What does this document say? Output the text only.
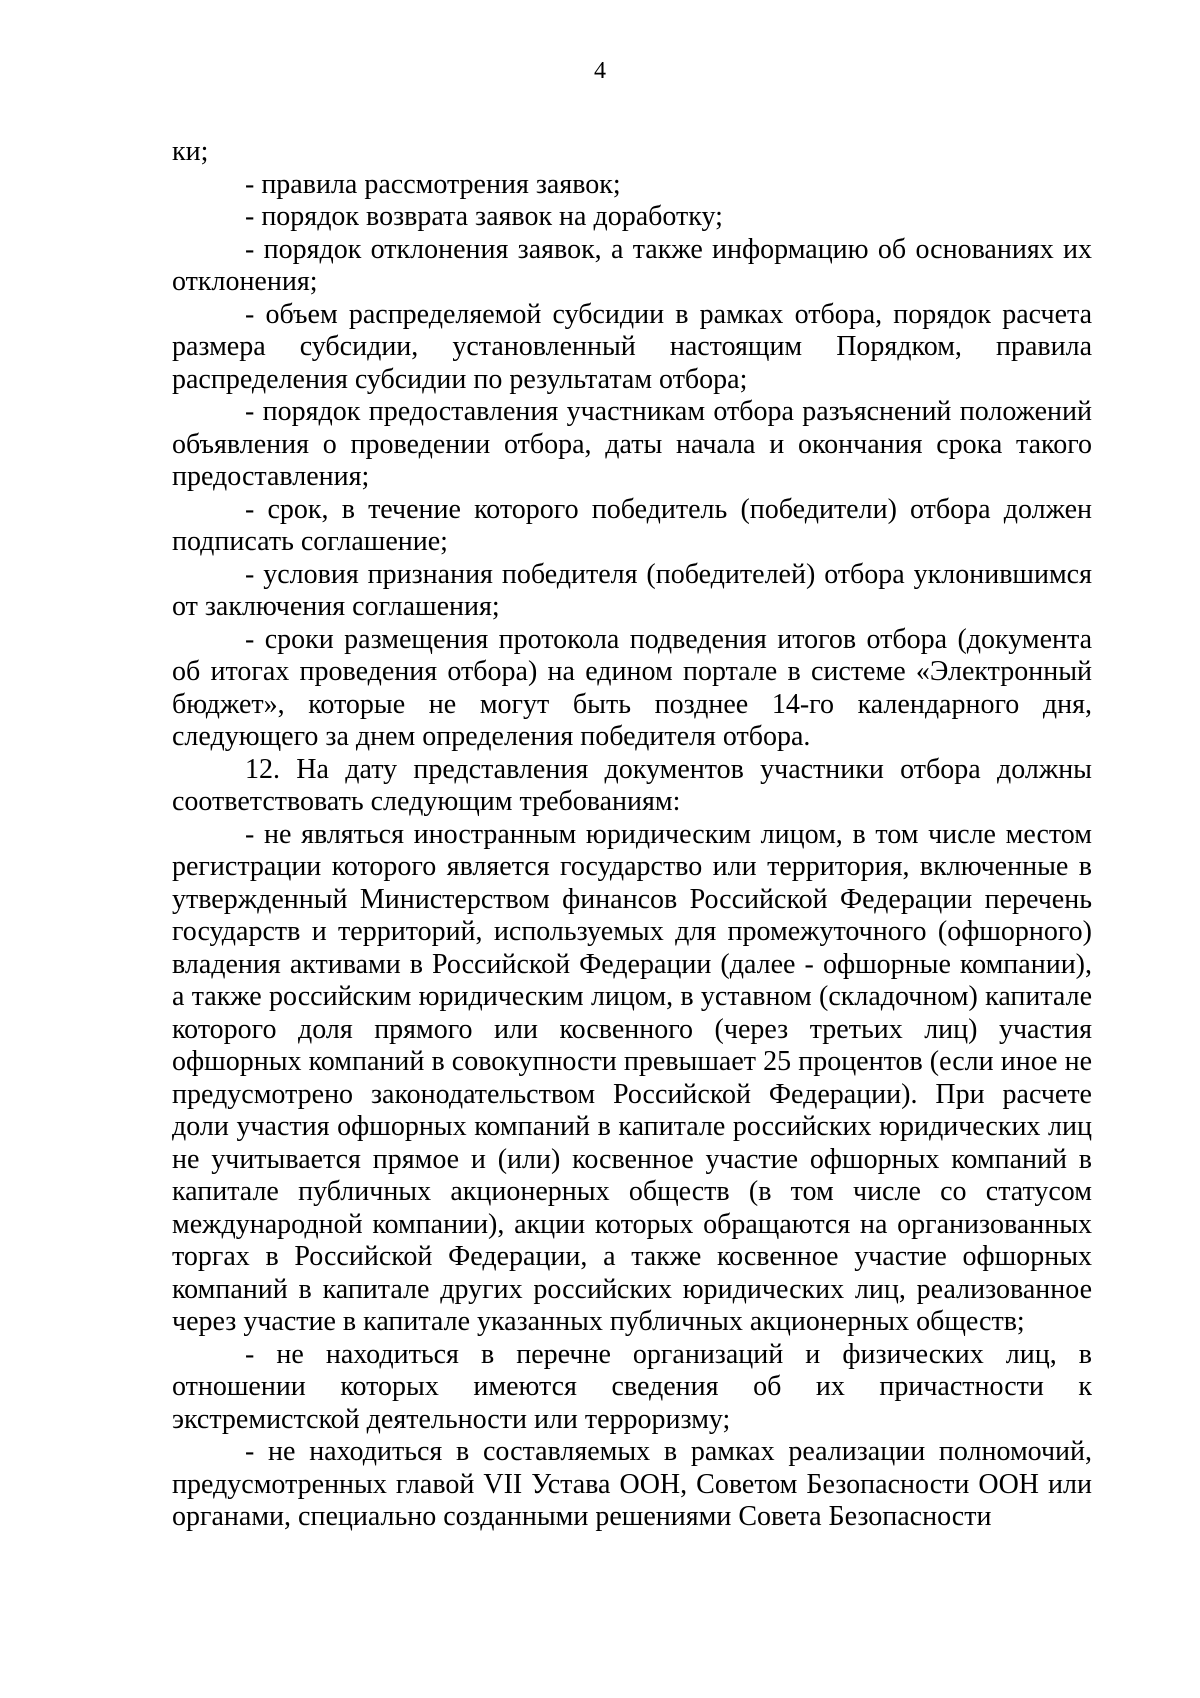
4

ки;

- правила рассмотрения заявок;

- порядок возврата заявок на доработку;

- порядок отклонения заявок, а также информацию об основаниях их отклонения;

- объем распределяемой субсидии в рамках отбора, порядок расчета размера субсидии, установленный настоящим Порядком, правила распределения субсидии по результатам отбора;

- порядок предоставления участникам отбора разъяснений положений объявления о проведении отбора, даты начала и окончания срока такого предоставления;

- срок, в течение которого победитель (победители) отбора должен подписать соглашение;

- условия признания победителя (победителей) отбора уклонившимся от заключения соглашения;

- сроки размещения протокола подведения итогов отбора (документа об итогах проведения отбора) на едином портале в системе «Электронный бюджет», которые не могут быть позднее 14-го календарного дня, следующего за днем определения победителя отбора.

12. На дату представления документов участники отбора должны соответствовать следующим требованиям:

- не являться иностранным юридическим лицом, в том числе местом регистрации которого является государство или территория, включенные в утвержденный Министерством финансов Российской Федерации перечень государств и территорий, используемых для промежуточного (офшорного) владения активами в Российской Федерации (далее - офшорные компании), а также российским юридическим лицом, в уставном (складочном) капитале которого доля прямого или косвенного (через третьих лиц) участия офшорных компаний в совокупности превышает 25 процентов (если иное не предусмотрено законодательством Российской Федерации). При расчете доли участия офшорных компаний в капитале российских юридических лиц не учитывается прямое и (или) косвенное участие офшорных компаний в капитале публичных акционерных обществ (в том числе со статусом международной компании), акции которых обращаются на организованных торгах в Российской Федерации, а также косвенное участие офшорных компаний в капитале других российских юридических лиц, реализованное через участие в капитале указанных публичных акционерных обществ;

- не находиться в перечне организаций и физических лиц, в отношении которых имеются сведения об их причастности к экстремистской деятельности или терроризму;

- не находиться в составляемых в рамках реализации полномочий, предусмотренных главой VII Устава ООН, Советом Безопасности ООН или органами, специально созданными решениями Совета Безопасности
